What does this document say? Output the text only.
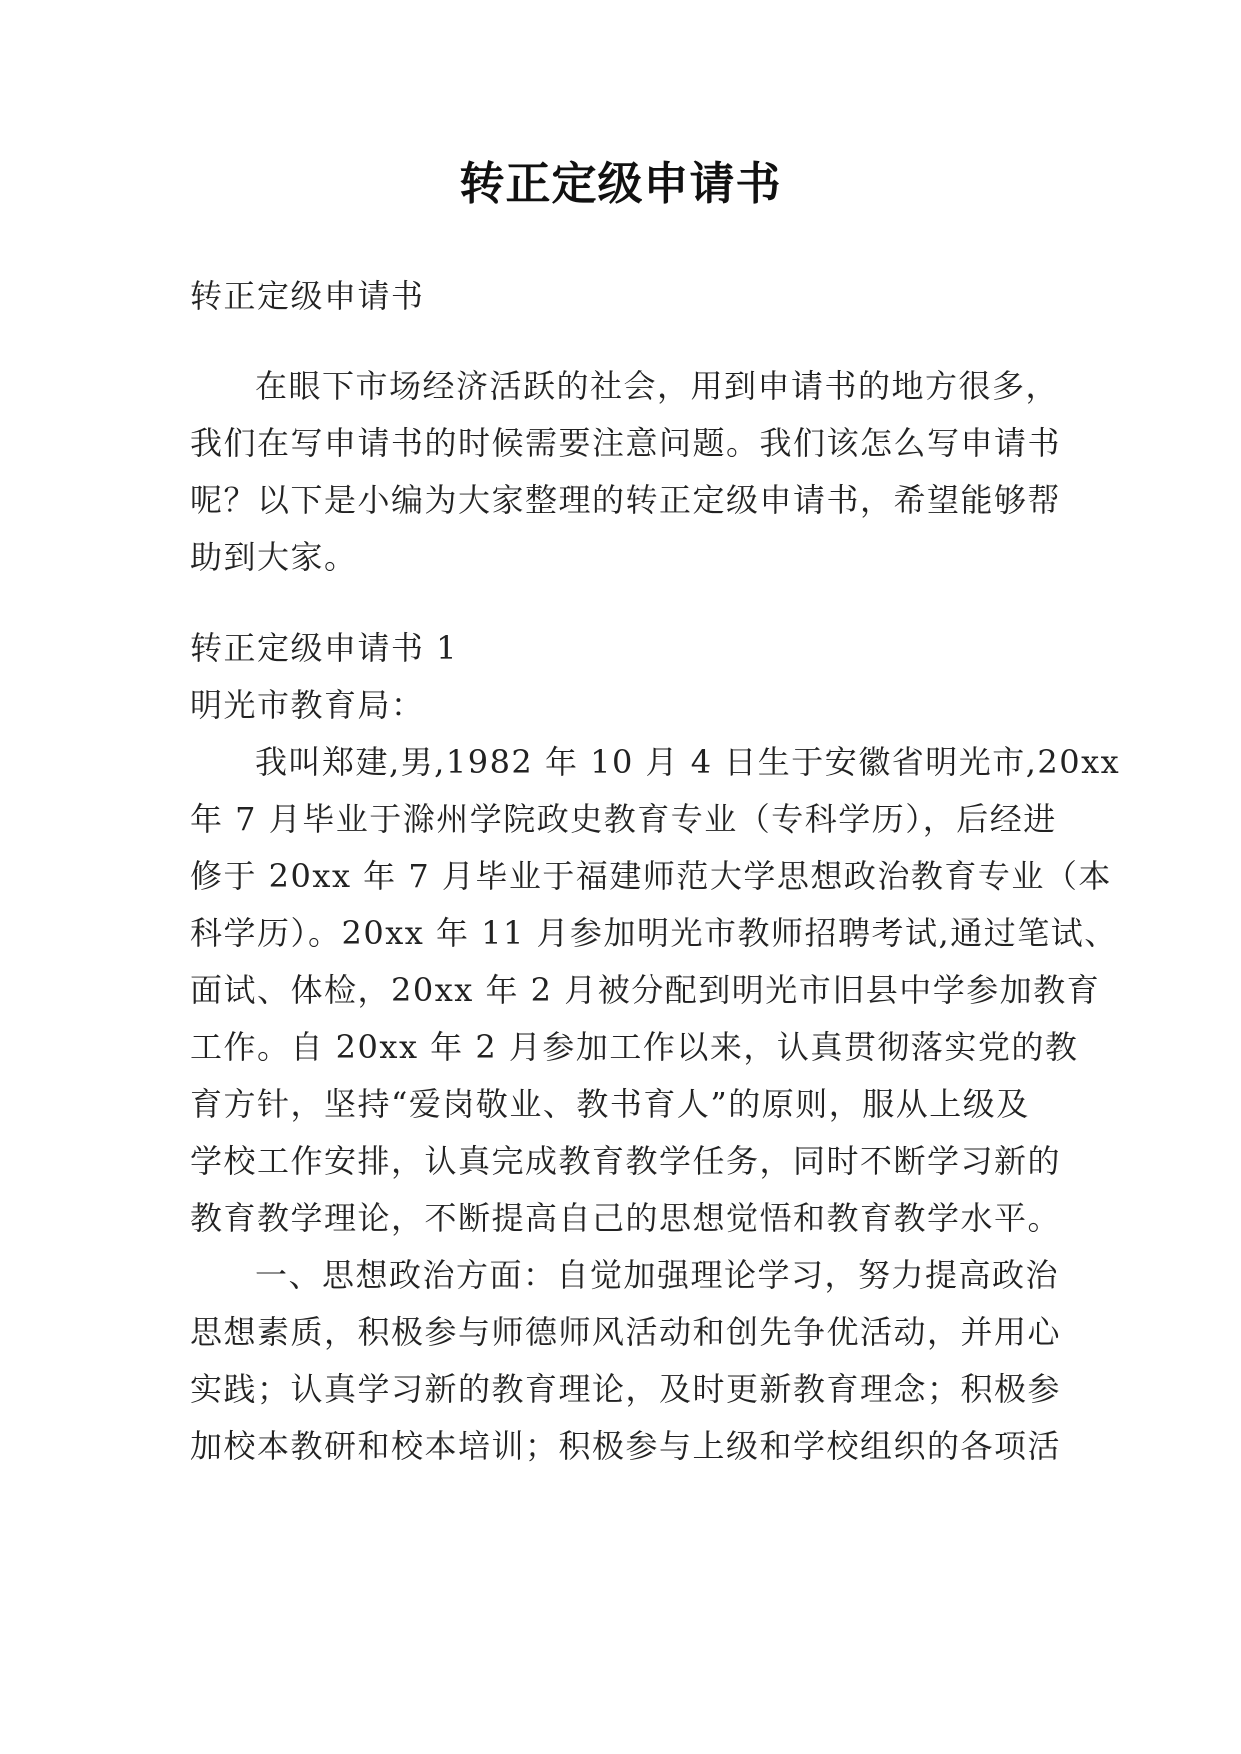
转正定级申请书

转正定级申请书

在眼下市场经济活跃的社会，用到申请书的地方很多，
我们在写申请书的时候需要注意问题。我们该怎么写申请书
呢？以下是小编为大家整理的转正定级申请书，希望能够帮
助到大家。
转正定级申请书 1
明光市教育局：
我叫郑建,男,1982 年 10 月 4 日生于安徽省明光市,20xx
年 7 月毕业于滁州学院政史教育专业（专科学历），后经进
修于 20xx 年 7 月毕业于福建师范大学思想政治教育专业（本
科学历）。20xx 年 11 月参加明光市教师招聘考试,通过笔试、
面试、体检，20xx 年 2 月被分配到明光市旧县中学参加教育
工作。自 20xx 年 2 月参加工作以来，认真贯彻落实党的教
育方针，坚持“爱岗敬业、教书育人”的原则，服从上级及
学校工作安排，认真完成教育教学任务，同时不断学习新的
教育教学理论，不断提高自己的思想觉悟和教育教学水平。
一、思想政治方面：自觉加强理论学习，努力提高政治
思想素质，积极参与师德师风活动和创先争优活动，并用心
实践；认真学习新的教育理论，及时更新教育理念；积极参
加校本教研和校本培训；积极参与上级和学校组织的各项活
